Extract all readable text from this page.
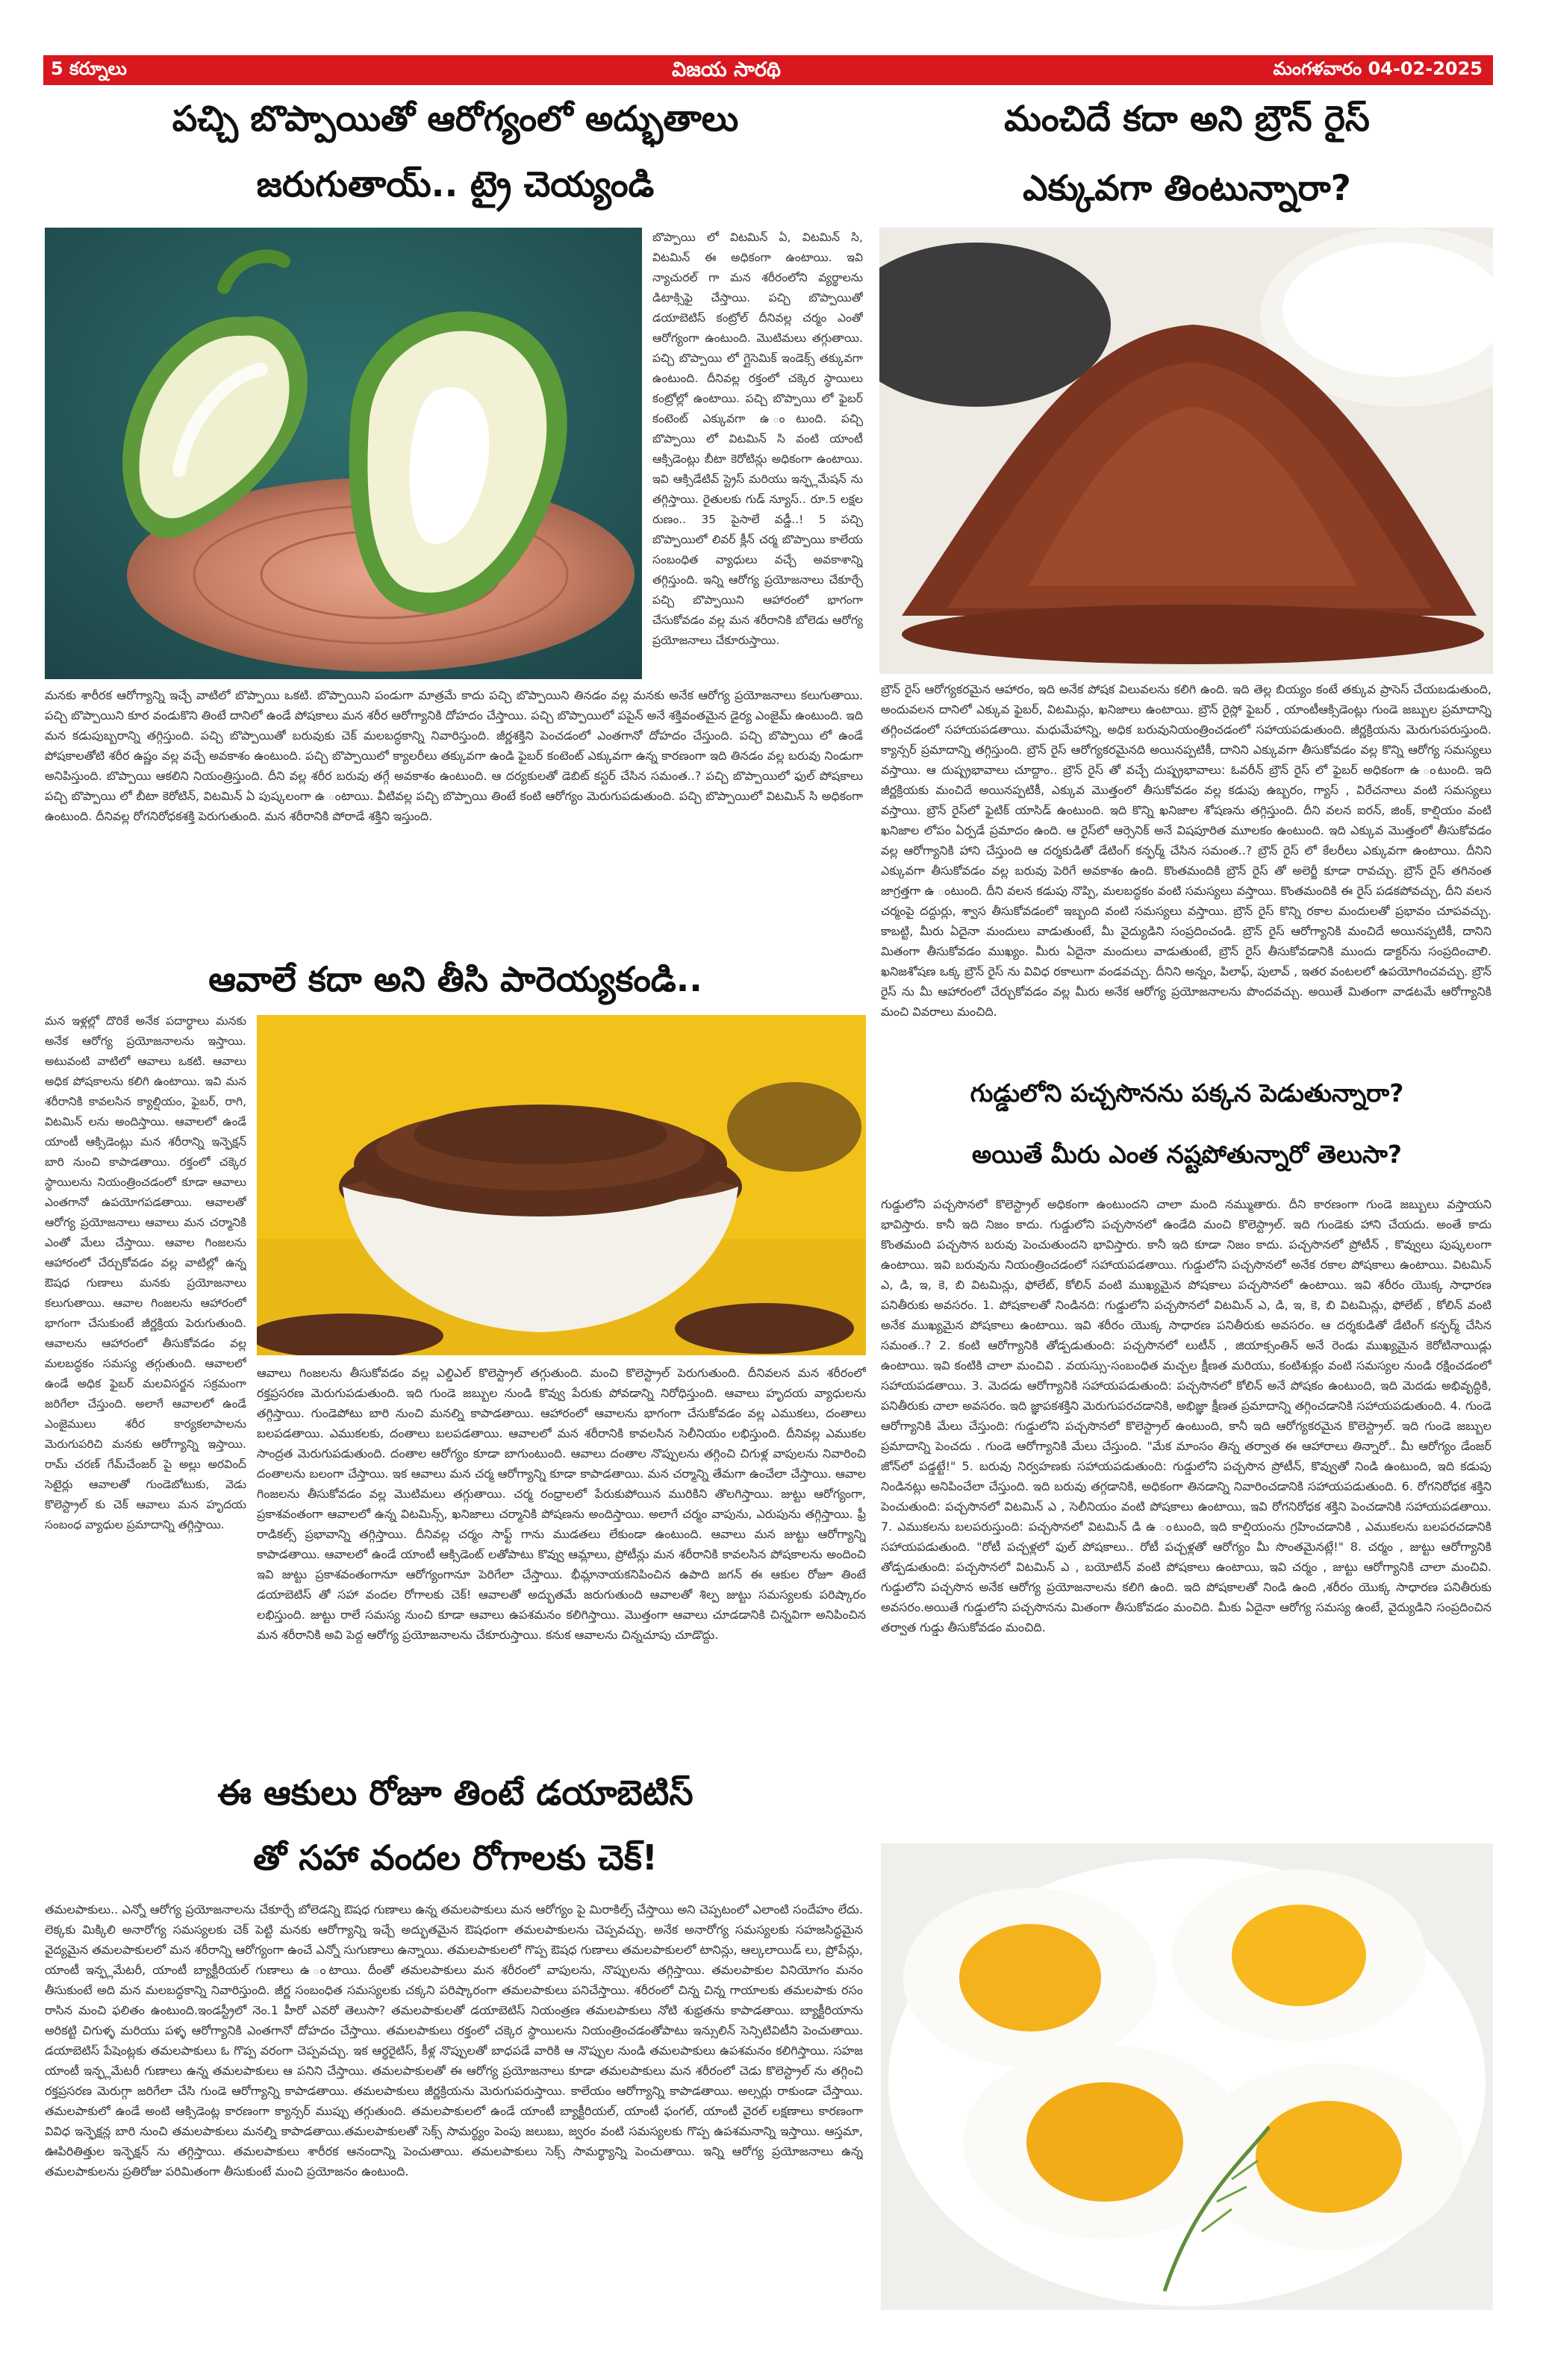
5 కర్నూలు	విజయ సారథి	మంగళవారం 04-02-2025
పచ్చి బొప్పాయితో ఆరోగ్యంలో అద్భుతాలు
జరుగుతాయ్.. ట్రై చెయ్యండి
బొప్పాయి లో విటమిన్ ఏ, విటమిన్ సి, విటమిన్ ఈ అధికంగా ఉంటాయి. ఇవి న్యాచురల్ గా మన శరీరంలోని వ్యర్థాలను డిటాక్సిఫై చేస్తాయి. పచ్చి బొప్పాయితో డయాబెటిస్ కంట్రోల్ దీనివల్ల చర్మం ఎంతో ఆరోగ్యంగా ఉంటుంది. మొటిమలు తగ్గుతాయి. పచ్చి బొప్పాయి లో గ్లైసెమిక్ ఇండెక్స్ తక్కువగా ఉంటుంది. దీనివల్ల రక్తంలో చక్కెర స్థాయిలు కంట్రోల్లో ఉంటాయి. పచ్చి బొప్పాయి లో ఫైబర్ కంటెంట్ ఎక్కువగా ఉ ంటుంది. పచ్చి బొప్పాయి లో విటమిన్ సి వంటి యాంటీ ఆక్సిడెంట్లు బీటా కెరోటిన్లు అధికంగా ఉంటాయి. ఇవి ఆక్సిడేటివ్ స్ట్రెస్ మరియు ఇన్ఫ్లమేషన్ ను తగ్గిస్తాయి. రైతులకు గుడ్ న్యూస్.. రూ.5 లక్షల రుణం.. 35 పైసాలే వడ్డీ..! 5 పచ్చి బొప్పాయిలో లివర్ క్లీన్ చర్మ బొప్పాయి కాలేయ సంబంధిత వ్యాధులు వచ్చే అవకాశాన్ని తగ్గిస్తుంది. ఇన్ని ఆరోగ్య ప్రయోజనాలు చేకూర్చే పచ్చి బొప్పాయిని ఆహారంలో భాగంగా చేసుకోవడం వల్ల మన శరీరానికి బోలెడు ఆరోగ్య ప్రయోజనాలు చేకూరుస్తాయి.
మనకు శారీరక ఆరోగ్యాన్ని ఇచ్చే వాటిలో బొప్పాయి ఒకటి. బొప్పాయిని పండుగా మాత్రమే కాదు పచ్చి బొప్పాయిని తినడం వల్ల మనకు అనేక ఆరోగ్య ప్రయోజనాలు కలుగుతాయి. పచ్చి బొప్పాయిని కూర వండుకొని తింటే దానిలో ఉండే పోషకాలు మన శరీర ఆరోగ్యానికి దోహదం చేస్తాయి. పచ్చి బొప్పాయిలో పపైన్ అనే శక్తివంతమైన డైర్య ఎంజైమ్ ఉంటుంది. ఇది మన కడుపుబ్బరాన్ని తగ్గిస్తుంది. పచ్చి బొప్పాయితో బరువుకు చెక్ మలబద్ధకాన్ని నివారిస్తుంది. జీర్ణశక్తిని పెంచడంలో ఎంతగానో దోహదం చేస్తుంది. పచ్చి బొప్పాయి లో ఉండే పోషకాలతోటి శరీర ఉష్ణం వల్ల వచ్చే అవకాశం ఉంటుంది. పచ్చి బొప్పాయిలో క్యాలరీలు తక్కువగా ఉండి ఫైబర్ కంటెంట్ ఎక్కువగా ఉన్న కారణంగా ఇది తినడం వల్ల బరువు నిండుగా అనిపిస్తుంది. బొప్పాయి ఆకలిని నియంత్రిస్తుంది. దీని వల్ల శరీర బరువు తగ్గే అవకాశం ఉంటుంది. ఆ దర్యకులతో డెబిట్ కస్టర్ చేసిన సమంత..? పచ్చి బొప్పాయిలో ఫుల్ పోషకాలు పచ్చి బొప్పాయి లో బీటా కెరోటిన్, విటమిన్ ఏ పుష్కలంగా ఉ ంటాయి. వీటివల్ల పచ్చి బొప్పాయి తింటే కంటి ఆరోగ్యం మెరుగుపడుతుంది. పచ్చి బొప్పాయిలో విటమిన్ సి అధికంగా ఉంటుంది. దీనివల్ల రోగనిరోధకశక్తి పెరుగుతుంది. మన శరీరానికి పోరాడే శక్తిని ఇస్తుంది.
ఆవాలే కదా అని తీసి పారెయ్యకండి..
మన ఇళ్లల్లో దొరికే అనేక పదార్థాలు మనకు అనేక ఆరోగ్య ప్రయోజనాలను ఇస్తాయి. అటువంటి వాటిలో ఆవాలు ఒకటి. ఆవాలు అధిక పోషకాలను కలిగి ఉంటాయి. ఇవి మన శరీరానికి కావలసిన క్యాల్షియం, ఫైబర్, రాగి, విటమిన్ లను అందిస్తాయి. ఆవాలలో ఉండే యాంటీ ఆక్సిడెంట్లు మన శరీరాన్ని ఇన్ఫెక్షన్ బారి నుంచి కాపాడతాయి. రక్తంలో చక్కెర స్థాయిలను నియంత్రించడంలో కూడా ఆవాలు ఎంతగానో ఉపయోగపడతాయి. ఆవాలతో ఆరోగ్య ప్రయోజనాలు ఆవాలు మన చర్మానికి ఎంతో మేలు చేస్తాయి. ఆవాల గింజలను ఆహారంలో చేర్చుకోవడం వల్ల వాటిల్లో ఉన్న ఔషధ గుణాలు మనకు ప్రయోజనాలు కలుగుతాయి. ఆవాల గింజలను ఆహారంలో భాగంగా చేసుకుంటే జీర్ణక్రియ పెరుగుతుంది. ఆవాలను ఆహారంలో తీసుకోవడం వల్ల మలబద్ధకం సమస్య తగ్గుతుంది. ఆవాలలో ఉండే అధిక ఫైబర్ మలవిసర్జన సక్రమంగా జరిగేలా చేస్తుంది. అలాగే ఆవాలలో ఉండే ఎంజైములు శరీర కార్యకలాపాలను మెరుగుపరిచి మనకు ఆరోగ్యాన్ని ఇస్తాయి. రామ్ చరణ్ గేమ్‌చేంజర్ పై అల్లు అరవింద్ సెటైర్లు ఆవాలతో గుండెబోటుకు, వెడు కొలెస్ట్రాల్ కు చెక్ ఆవాలు మన హృదయ సంబంధ వ్యాధుల ప్రమాదాన్ని తగ్గిస్తాయి.
ఆవాలు గింజలను తీసుకోవడం వల్ల ఎల్డిఎల్ కొలెస్ట్రాల్ తగ్గుతుంది. మంచి కొలెస్ట్రాల్ పెరుగుతుంది. దీనివలన మన శరీరంలో రక్తప్రసరణ మెరుగుపడుతుంది. ఇది గుండె జబ్బుల నుండి కొవ్వు పేరుకు పోవడాన్ని నిరోధిస్తుంది. ఆవాలు హృదయ వ్యాధులను తగ్గిస్తాయి. గుండెపోటు బారి నుంచి మనల్ని కాపాడతాయి. ఆహారంలో ఆవాలను భాగంగా చేసుకోవడం వల్ల ఎముకలు, దంతాలు బలపడతాయి. ఎముకలకు, దంతాలు బలపడతాయి. ఆవాలలో మన శరీరానికి కావలసిన సెలీనియం లభిస్తుంది. దీనివల్ల ఎముకల సాంద్రత మెరుగుపడుతుంది. దంతాల ఆరోగ్యం కూడా బాగుంటుంది. ఆవాలు దంతాల నొప్పులను తగ్గించి చిగుళ్ల వాపులను నివారించి దంతాలను బలంగా చేస్తాయి. ఇక ఆవాలు మన చర్మ ఆరోగ్యాన్ని కూడా కాపాడతాయి. మన చర్మాన్ని తేమగా ఉంచేలా చేస్తాయి. ఆవాల గింజలను తీసుకోవడం వల్ల మొటిమలు తగ్గుతాయి. చర్మ రంధ్రాలలో పేరుకుపోయిన మురికిని తొలగిస్తాయి. జుట్టు ఆరోగ్యంగా, ప్రకాశవంతంగా ఆవాలలో ఉన్న విటమిన్స్, ఖనిజాలు చర్మానికి పోషణను అందిస్తాయి. అలాగే చర్మం వాపును, ఎరుపును తగ్గిస్తాయి. ఫ్రీ రాడికల్స్ ప్రభావాన్ని తగ్గిస్తాయి. దీనివల్ల చర్మం సాఫ్ట్ గాను ముడతలు లేకుండా ఉంటుంది. ఆవాలు మన జుట్టు ఆరోగ్యాన్ని కాపాడతాయి. ఆవాలలో ఉండే యాంటీ ఆక్సిడెంట్ లతోపాటు కొవ్వు ఆమ్లాలు, ప్రోటీన్లు మన శరీరానికి కావలసిన పోషకాలను అందించి ఇవి జుట్టు ప్రకాశవంతంగానూ ఆరోగ్యంగానూ పెరిగేలా చేస్తాయి. భీమ్లానాయకనిపించిన ఉపాది జగన్ ఈ ఆకుల రోజూ తింటే డయాబెటిస్ తో సహా వందల రోగాలకు చెక్! ఆవాలతో అద్భుతమే జరుగుతుంది ఆవాలతో శిల్ప జుట్టు సమస్యలకు పరిష్కారం లభిస్తుంది. జుట్టు రాలే సమస్య నుంచి కూడా ఆవాలు ఉపశమనం కలిగిస్తాయి. మొత్తంగా ఆవాలు చూడడానికి చిన్నవిగా అనిపించిన మన శరీరానికి అవి పెద్ద ఆరోగ్య ప్రయోజనాలను చేకూరుస్తాయి. కనుక ఆవాలను చిన్నచూపు చూడొద్దు.
ఈ ఆకులు రోజూ తింటే డయాబెటిస్
తో సహా వందల రోగాలకు చెక్!
తమలపాకులు.. ఎన్నో ఆరోగ్య ప్రయోజనాలను చేకూర్చే బోలెడన్ని ఔషధ గుణాలు ఉన్న తమలపాకులు మన ఆరోగ్యం పై మిరాకిల్స్ చేస్తాయి అని చెప్పటంలో ఎలాంటి సందేహం లేదు. లెక్కకు మిక్కిలి అనారోగ్య సమస్యలకు చెక్ పెట్టి మనకు ఆరోగ్యాన్ని ఇచ్చే అద్భుతమైన ఔషధంగా తమలపాకులను చెప్పవచ్చు. అనేక అనారోగ్య సమస్యలకు సహజసిద్ధమైన వైద్యమైన తమలపాకులలో మన శరీరాన్ని ఆరోగ్యంగా ఉంచే ఎన్నో సుగుణాలు ఉన్నాయి. తమలపాకులలో గొప్ప ఔషధ గుణాలు తమలపాకులలో టానిన్లు, ఆల్కలాయిడ్ లు, ప్రోపేన్లు, యాంటీ ఇన్ఫ్లమేటరీ, యాంటీ బ్యాక్టీరియల్ గుణాలు ఉ ంటాయి. దీంతో తమలపాకులు మన శరీరంలో వాపులను, నొప్పులను తగ్గిస్తాయి. తమలపాకుల వినియోగం మనం తీసుకుంటే అది మన మలబద్ధకాన్ని నివారిస్తుంది. జీర్ణ సంబంధిత సమస్యలకు చక్కని పరిష్కారంగా తమలపాకులు పనిచేస్తాయి. శరీరంలో చిన్న చిన్న గాయాలకు తమలపాకు రసం రాసిన మంచి ఫలితం ఉంటుంది.ఇండస్ట్రీలో నెం.1 హీరో ఎవరో తెలుసా? తమలపాకులతో డయాబెటిస్ నియంత్రణ తమలపాకులు నోటి శుభ్రతను కాపాడతాయి. బ్యాక్టీరియాను అరికట్టి చిగుళ్ళ మరియు పళ్ళ ఆరోగ్యానికి ఎంతగానో దోహదం చేస్తాయి. తమలపాకులు రక్తంలో చక్కెర స్థాయిలను నియంత్రించడంతోపాటు ఇన్సులిన్ సెన్సిటివిటీని పెంచుతాయి. డయాబెటిస్ పేషెంట్లకు తమలపాకులు ఓ గొప్ప వరంగా చెప్పవచ్చు. ఇక ఆర్థరైటిస్, కీళ్ల నొప్పులతో బాధపడే వారికి ఆ నొప్పుల నుండి తమలపాకులు ఉపశమనం కలిగిస్తాయి. సహజ యాంటీ ఇన్ఫ్లమేటరీ గుణాలు ఉన్న తమలపాకులు ఆ పనిని చేస్తాయి. తమలపాకులతో ఈ ఆరోగ్య ప్రయోజనాలు కూడా తమలపాకులు మన శరీరంలో చెడు కొలెస్ట్రాల్ ను తగ్గించి రక్తప్రసరణ మెరుగ్గా జరిగేలా చేసి గుండె ఆరోగ్యాన్ని కాపాడతాయి. తమలపాకులు జీర్ణక్రియను మెరుగుపరుస్తాయి. కాలేయం ఆరోగ్యాన్ని కాపాడతాయి. అల్సర్లు రాకుండా చేస్తాయి. తమలపాకులో ఉండే అంటి ఆక్సిడెంట్ల కారణంగా క్యాన్సర్ ముప్పు తగ్గుతుంది. తమలపాకులలో ఉండే యాంటీ బ్యాక్టీరియల్, యాంటీ ఫంగల్, యాంటీ వైరల్ లక్షణాలు కారణంగా వివిధ ఇన్ఫెక్షన్ల బారి నుంచి తమలపాకులు మనల్ని కాపాడతాయి.తమలపాకులతో సెక్స్ సామర్థ్యం పెంపు జలుబు, జ్వరం వంటి సమస్యలకు గొప్ప ఉపశమనాన్ని ఇస్తాయి. ఆస్తమా, ఊపిరితిత్తుల ఇన్ఫెక్షన్ ను తగ్గిస్తాయి. తమలపాకులు శారీరక ఆనందాన్ని పెంచుతాయి. తమలపాకులు సెక్స్ సామర్థ్యాన్ని పెంచుతాయి. ఇన్ని ఆరోగ్య ప్రయోజనాలు ఉన్న తమలపాకులను ప్రతిరోజు పరిమితంగా తీసుకుంటే మంచి ప్రయోజనం ఉంటుంది.
మంచిదే కదా అని బ్రౌన్ రైస్
ఎక్కువగా తింటున్నారా?
బ్రౌన్ రైస్ ఆరోగ్యకరమైన ఆహారం, ఇది అనేక పోషక విలువలను కలిగి ఉంది. ఇది తెల్ల బియ్యం కంటే తక్కువ ప్రాసెస్ చేయబడుతుంది, అందువలన దానిలో ఎక్కువ ఫైబర్, విటమిన్లు, ఖనిజాలు ఉంటాయి. బ్రౌన్ రైస్లో ఫైబర్ , యాంటీఆక్సిడెంట్లు గుండె జబ్బుల ప్రమాదాన్ని తగ్గించడంలో సహాయపడతాయి. మధుమేహాన్ని, అధిక బరువునియంత్రించడంలో సహాయపడుతుంది. జీర్ణక్రియను మెరుగుపరుస్తుంది. క్యాన్సర్ ప్రమాదాన్ని తగ్గిస్తుంది. బ్రౌన్ రైస్ ఆరోగ్యకరమైనది అయినప్పటికీ, దానిని ఎక్కువగా తీసుకోవడం వల్ల కొన్ని ఆరోగ్య సమస్యలు వస్తాయి. ఆ దుష్ప్రభావాలు చూద్దాం.. బ్రౌన్ రైస్ తో వచ్చే దుష్ప్రభావాలు: ఓవరీన్ బ్రౌన్ రైస్ లో ఫైబర్ అధికంగా ఉ ంటుంది. ఇది జీర్ణక్రియకు మంచిదే అయినప్పటికీ, ఎక్కువ మొత్తంలో తీసుకోవడం వల్ల కడుపు ఉబ్బరం, గ్యాస్ , విరేచనాలు వంటి సమస్యలు వస్తాయి. బ్రౌన్ రైస్‌లో ఫైటిక్ యాసిడ్ ఉంటుంది. ఇది కొన్ని ఖనిజాల శోషణను తగ్గిస్తుంది. దీని వలన ఐరన్, జింక్, కాల్షియం వంటి ఖనిజాల లోపం ఏర్పడే ప్రమాదం ఉంది. ఆ రైస్‌లో ఆర్సెనిక్ అనే విషపూరిత మూలకం ఉంటుంది. ఇది ఎక్కువ మొత్తంలో తీసుకోవడం వల్ల ఆరోగ్యానికి హాని చేస్తుంది ఆ దర్శకుడితో డేటింగ్ కన్ఫర్మ్ చేసిన సమంత..? బ్రౌన్ రైస్ లో కేలరీలు ఎక్కువగా ఉంటాయి. దీనిని ఎక్కువగా తీసుకోవడం వల్ల బరువు పెరిగే అవకాశం ఉంది. కొంతమందికి బ్రౌన్ రైస్ తో అలెర్జీ కూడా రావచ్చు. బ్రౌన్ రైస్ తగినంత జాగ్రత్తగా ఉ ంటుంది. దీని వలన కడుపు నొప్పి, మలబద్ధకం వంటి సమస్యలు వస్తాయి. కొంతమందికి ఈ రైస్ పడకపోవచ్చు, దీని వలన చర్మంపై దద్దుర్లు, శ్వాస తీసుకోవడంలో ఇబ్బంది వంటి సమస్యలు వస్తాయి. బ్రౌన్ రైస్ కొన్ని రకాల మందులతో ప్రభావం చూపవచ్చు. కాబట్టి, మీరు ఏదైనా మందులు వాడుతుంటే, మీ వైద్యుడిని సంప్రదించండి. బ్రౌన్ రైస్ ఆరోగ్యానికి మంచిదే అయినప్పటికీ, దానిని మితంగా తీసుకోవడం ముఖ్యం. మీరు ఏదైనా మందులు వాడుతుంటే, బ్రౌన్ రైస్ తీసుకోవడానికి ముందు డాక్టర్‌ను సంప్రదించాలి. ఖనిజశోషణ ఒక్క బ్రౌన్ రైస్ ను వివిధ రకాలుగా వండవచ్చు. దీనిని అన్నం, పిలాఫ్, పులావ్ , ఇతర వంటలలో ఉపయోగించవచ్చు. బ్రౌన్ రైస్ ను మీ ఆహారంలో చేర్చుకోవడం వల్ల మీరు అనేక ఆరోగ్య ప్రయోజనాలను పొందవచ్చు. అయితే మితంగా వాడటమే ఆరోగ్యానికి మంచి వివరాలు మంచిది.
గుడ్డులోని పచ్చసొనను పక్కన పెడుతున్నారా?
అయితే మీరు ఎంత నష్టపోతున్నారో తెలుసా?
గుడ్డులోని పచ్చసొనలో కొలెస్ట్రాల్ అధికంగా ఉంటుందని చాలా మంది నమ్ముతారు. దీని కారణంగా గుండె జబ్బులు వస్తాయని భావిస్తారు. కానీ ఇది నిజం కాదు. గుడ్డులోని పచ్చసొనలో ఉండేది మంచి కొలెస్ట్రాల్. ఇది గుండెకు హాని చేయదు. అంతే కాదు కొంతమంది పచ్చసొన బరువు పెంచుతుందని భావిస్తారు. కానీ ఇది కూడా నిజం కాదు. పచ్చసొనలో ప్రోటీన్ , కొవ్వులు పుష్కలంగా ఉంటాయి. ఇవి బరువును నియంత్రించడంలో సహాయపడతాయి. గుడ్డులోని పచ్చసొనలో అనేక రకాల పోషకాలు ఉంటాయి. విటమిన్ ఎ, డి, ఇ, కె, బి విటమిన్లు, ఫోలేట్, కోలిన్ వంటి ముఖ్యమైన పోషకాలు పచ్చసొనలో ఉంటాయి. ఇవి శరీరం యొక్క సాధారణ పనితీరుకు అవసరం. 1. పోషకాలతో నిండినది: గుడ్డులోని పచ్చసొనలో విటమిన్ ఎ, డి, ఇ, కె, బి విటమిన్లు, ఫోలేట్ , కోలిన్ వంటి అనేక ముఖ్యమైన పోషకాలు ఉంటాయి. ఇవి శరీరం యొక్క సాధారణ పనితీరుకు అవసరం. ఆ దర్శకుడితో డేటింగ్ కన్ఫర్మ్ చేసిన సమంత..? 2. కంటి ఆరోగ్యానికి తోడ్పడుతుంది: పచ్చసొనలో లుటీన్ , జియాక్సంతిన్ అనే రెండు ముఖ్యమైన కెరోటినాయిడ్లు ఉంటాయి. ఇవి కంటికి చాలా మంచివి . వయస్సు-సంబంధిత మచ్చల క్షీణత మరియు, కంటిశుక్లం వంటి సమస్యల నుండి రక్షించడంలో సహాయపడతాయి. 3. మెదడు ఆరోగ్యానికి సహాయపడుతుంది: పచ్చసొనలో కోలిన్ అనే పోషకం ఉంటుంది, ఇది మెదడు అభివృద్ధికి, పనితీరుకు చాలా అవసరం. ఇది జ్ఞాపకశక్తిని మెరుగుపరచడానికి, అభిజ్ఞా క్షీణత ప్రమాదాన్ని తగ్గించడానికి సహాయపడుతుంది. 4. గుండె ఆరోగ్యానికి మేలు చేస్తుంది: గుడ్డులోని పచ్చసొనలో కొలెస్ట్రాల్ ఉంటుంది, కానీ ఇది ఆరోగ్యకరమైన కొలెస్ట్రాల్. ఇది గుండె జబ్బుల ప్రమాదాన్ని పెంచదు . గుండె ఆరోగ్యానికి మేలు చేస్తుంది. "మేక మాంసం తిన్న తర్వాత ఈ ఆహారాలు తిన్నారో.. మీ ఆరోగ్యం డేంజర్ జోన్‌లో పడ్డట్టే!" 5. బరువు నిర్వహణకు సహాయపడుతుంది: గుడ్డులోని పచ్చసొన ప్రోటీన్, కొవ్వుతో నిండి ఉంటుంది, ఇది కడుపు నిండినట్లు అనిపించేలా చేస్తుంది. ఇది బరువు తగ్గడానికి, అధికంగా తినడాన్ని నివారించడానికి సహాయపడుతుంది. 6. రోగనిరోధక శక్తిని పెంచుతుంది: పచ్చసొనలో విటమిన్ ఎ , సెలీనియం వంటి పోషకాలు ఉంటాయి, ఇవి రోగనిరోధక శక్తిని పెంచడానికి సహాయపడతాయి. 7. ఎముకలను బలపరుస్తుంది: పచ్చసొనలో విటమిన్ డి ఉ ంటుంది, ఇది కాల్షియంను గ్రహించడానికి , ఎముకలను బలపరచడానికి సహాయపడుతుంది. "రోటీ పచ్చళ్లలో ఫుల్ పోషకాలు.. రోటీ పచ్చళ్లతో ఆరోగ్యం మీ సొంతమైనట్లే!" 8. చర్మం , జుట్టు ఆరోగ్యానికి తోడ్పడుతుంది: పచ్చసొనలో విటమిన్ ఎ , బయోటిన్ వంటి పోషకాలు ఉంటాయి, ఇవి చర్మం , జుట్టు ఆరోగ్యానికి చాలా మంచివి. గుడ్డులోని పచ్చసొన అనేక ఆరోగ్య ప్రయోజనాలను కలిగి ఉంది. ఇది పోషకాలతో నిండి ఉంది ,శరీరం యొక్క సాధారణ పనితీరుకు అవసరం.అయితే గుడ్డులోని పచ్చసొనను మితంగా తీసుకోవడం మంచిది. మీకు ఏదైనా ఆరోగ్య సమస్య ఉంటే, వైద్యుడిని సంప్రదించిన తర్వాత గుడ్డు తీసుకోవడం మంచిది.
